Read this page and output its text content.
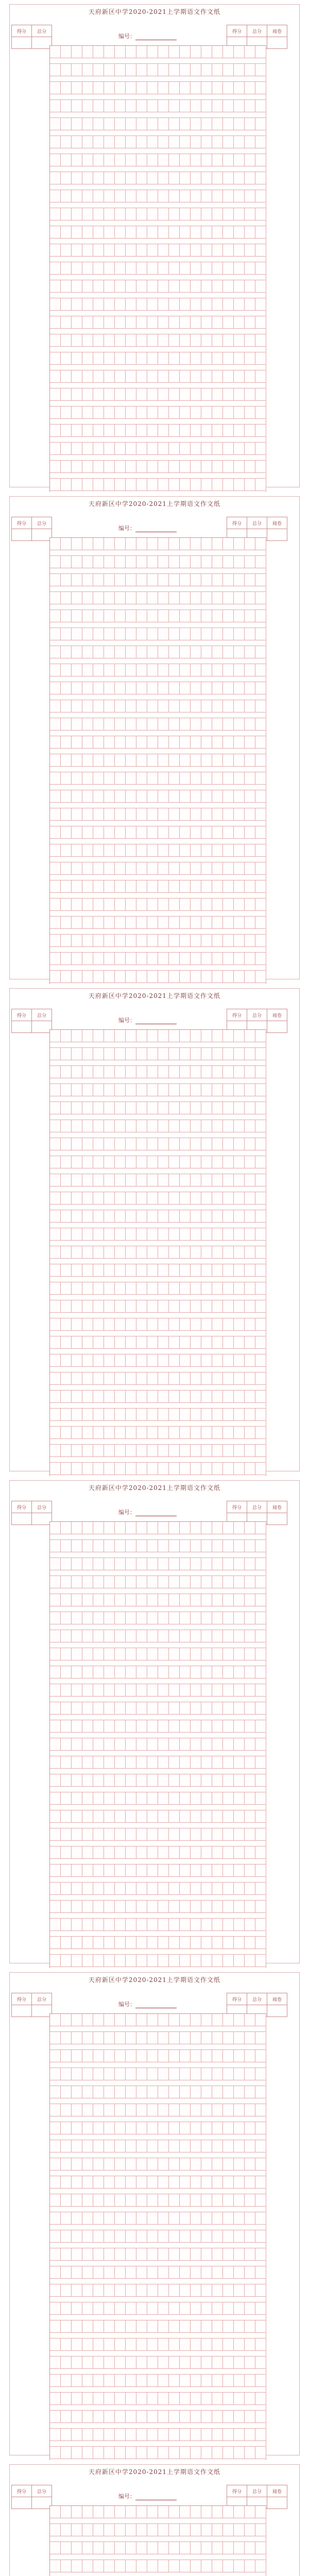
天府新区中学2020-2021上学期语文作文纸
得分	总分

编号：
得分	总分	阅卷

天府新区中学2020-2021上学期语文作文纸
得分	总分

编号：
得分	总分	阅卷

天府新区中学2020-2021上学期语文作文纸
得分	总分

编号：
得分	总分	阅卷

天府新区中学2020-2021上学期语文作文纸
得分	总分

编号：
得分	总分	阅卷

天府新区中学2020-2021上学期语文作文纸
得分	总分

编号：
得分	总分	阅卷

天府新区中学2020-2021上学期语文作文纸
得分	总分

编号：
得分	总分	阅卷
